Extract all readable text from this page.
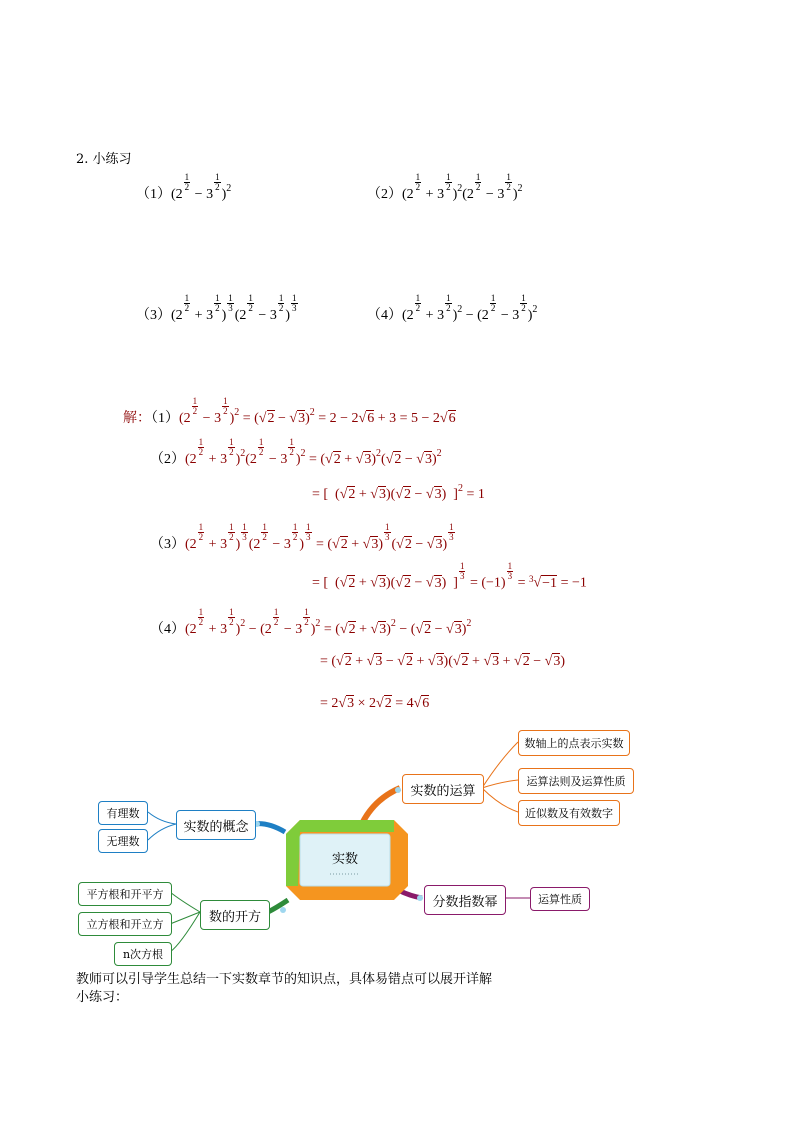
2. 小练习
（1）(2
$\frac{1}{2}$
− 3
$\frac{1}{2}$
)$^2$	（2）(2
$\frac{1}{2}$
+ 3
$\frac{1}{2}$
)$^2$(2
$\frac{1}{2}$
− 3
$\frac{1}{2}$
)$^2$
（3）(2
$\frac{1}{2}$
+ 3
$\frac{1}{2}$
)
$\frac{1}{3}$
(2
$\frac{1}{2}$
− 3
$\frac{1}{2}$
)
$\frac{1}{3}$
（4）(2
$\frac{1}{2}$
+ 3
$\frac{1}{2}$
)$^2$ − (2
$\frac{1}{2}$
− 3
$\frac{1}{2}$
)$^2$
解：（1）(2
$\frac{1}{2}$
− 3
$\frac{1}{2}$
)$^2 = (√2 - √3)^2 = 2 - 2√6 + 3 = 5 - 2√6$
（2）(2
$\frac{1}{2}$
+ 3
$\frac{1}{2}$
)$^2$(2
$\frac{1}{2}$
− 3
$\frac{1}{2}$
)$^2 = (√2 + √3)^2(√2 - √3)^2$
= [  (√2 + √3)(√2 − √3)  ]$^2$ = 1
（3）(2
$\frac{1}{2}$
+ 3
$\frac{1}{2}$
)
$\frac{1}{3}$
(2
$\frac{1}{2}$
− 3
$\frac{1}{2}$
)
$\frac{1}{3}$
= (√2 + √3)
$\frac{1}{3}$
(√2 − √3)
$\frac{1}{3}$
= [  (√2 + √3)(√2 − √3)  ]
$\frac{1}{3}$
= (−1)
$\frac{1}{3}$
= $^3$√−1 = −1
（4）(2
$\frac{1}{2}$
+ 3
$\frac{1}{2}$
)$^2$ − (2
$\frac{1}{2}$
− 3
$\frac{1}{2}$
)$^2 = (√2 + √3)^2 - (√2 - √3)^2$
= (√2 + √3 − √2 + √3)(√2 + √3 + √2 − √3)
= 2√3 × 2√2 = 4√6
实数
实数的概念
有理数
无理数
实数的运算
数轴上的点表示实数
运算法则及运算性质
近似数及有效数字
分数指数幂	运算性质
数的开方
平方根和开平方
立方根和开立方
n次方根
教师可以引导学生总结一下实数章节的知识点，具体易错点可以展开详解
小练习：
